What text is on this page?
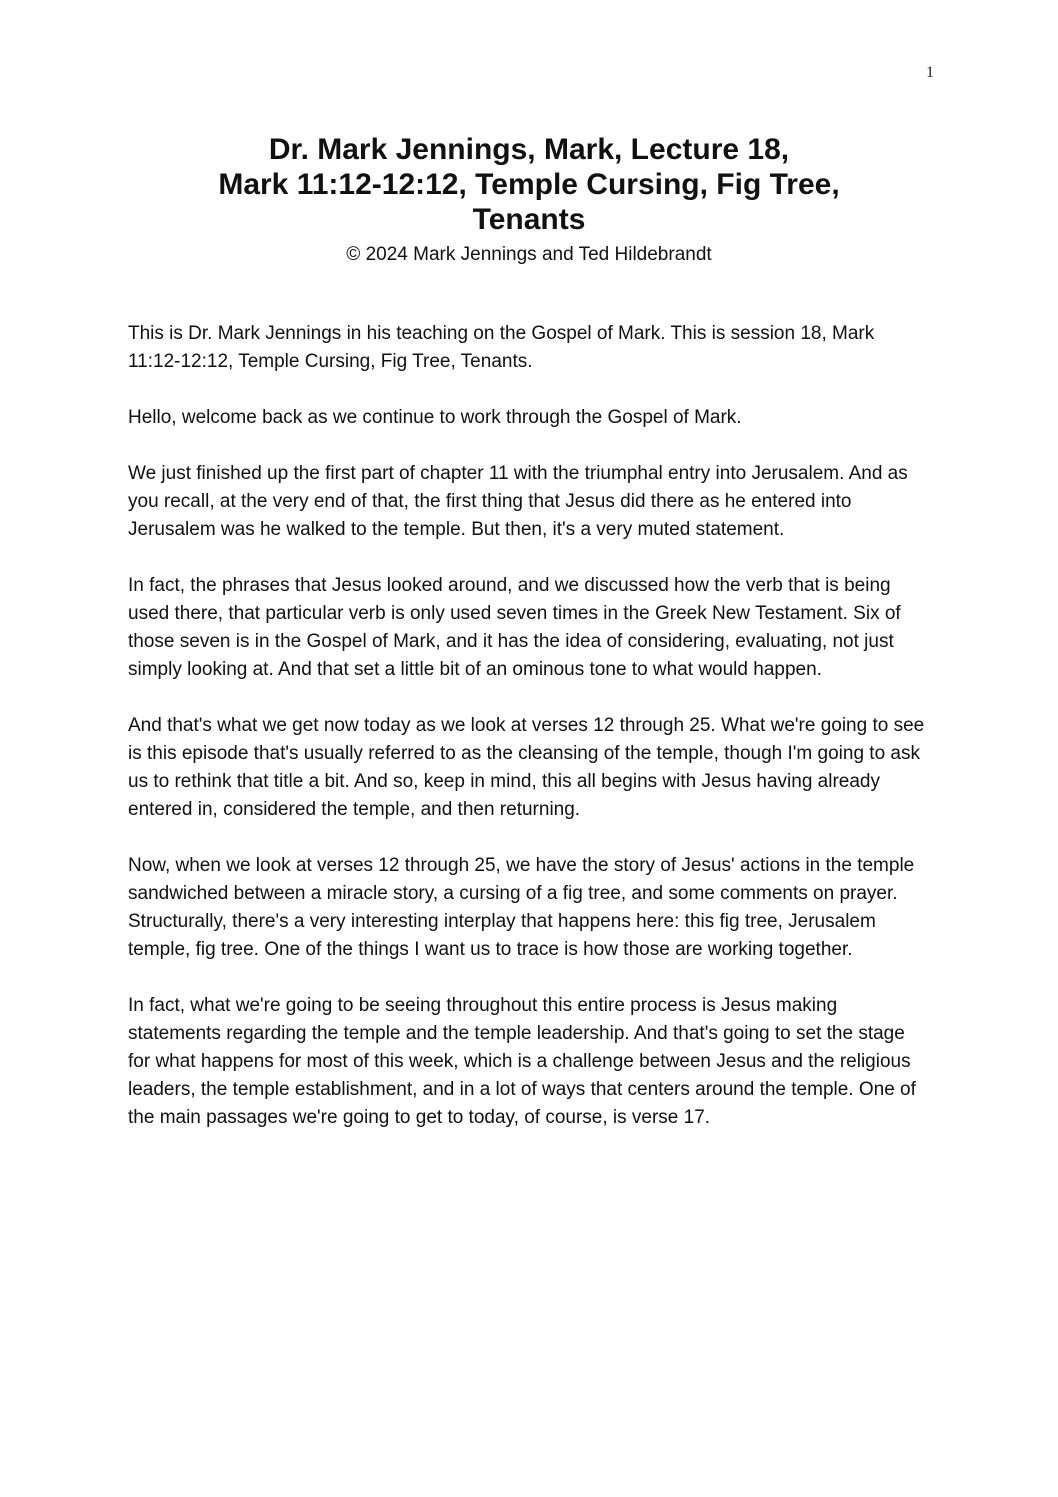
1
Dr. Mark Jennings, Mark, Lecture 18,
Mark 11:12-12:12, Temple Cursing, Fig Tree,
Tenants
© 2024 Mark Jennings and Ted Hildebrandt

This is Dr. Mark Jennings in his teaching on the Gospel of Mark. This is session 18, Mark 11:12-12:12, Temple Cursing, Fig Tree, Tenants.

Hello, welcome back as we continue to work through the Gospel of Mark.

We just finished up the first part of chapter 11 with the triumphal entry into Jerusalem. And as you recall, at the very end of that, the first thing that Jesus did there as he entered into Jerusalem was he walked to the temple. But then, it's a very muted statement.

In fact, the phrases that Jesus looked around, and we discussed how the verb that is being used there, that particular verb is only used seven times in the Greek New Testament. Six of those seven is in the Gospel of Mark, and it has the idea of considering, evaluating, not just simply looking at. And that set a little bit of an ominous tone to what would happen.

And that's what we get now today as we look at verses 12 through 25. What we're going to see is this episode that's usually referred to as the cleansing of the temple, though I'm going to ask us to rethink that title a bit. And so, keep in mind, this all begins with Jesus having already entered in, considered the temple, and then returning.

Now, when we look at verses 12 through 25, we have the story of Jesus' actions in the temple sandwiched between a miracle story, a cursing of a fig tree, and some comments on prayer. Structurally, there's a very interesting interplay that happens here: this fig tree, Jerusalem temple, fig tree. One of the things I want us to trace is how those are working together.

In fact, what we're going to be seeing throughout this entire process is Jesus making statements regarding the temple and the temple leadership. And that's going to set the stage for what happens for most of this week, which is a challenge between Jesus and the religious leaders, the temple establishment, and in a lot of ways that centers around the temple. One of the main passages we're going to get to today, of course, is verse 17.
